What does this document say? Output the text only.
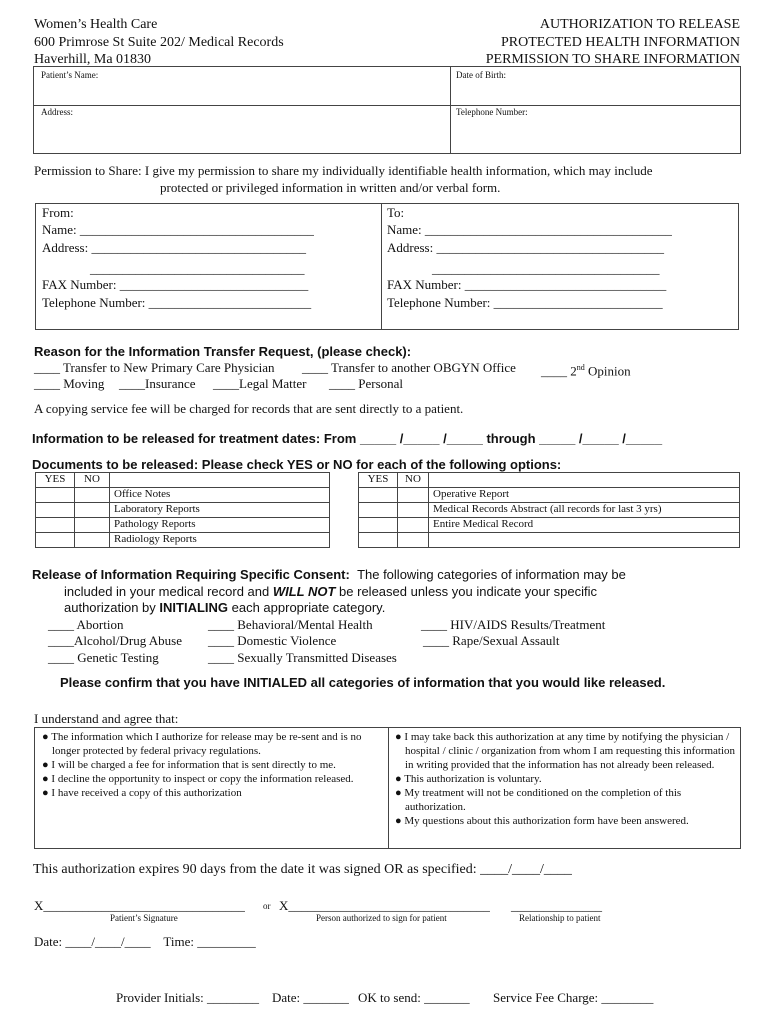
Women’s Health Care
600 Primrose St Suite 202/ Medical Records
Haverhill, Ma 01830
AUTHORIZATION TO RELEASE
PROTECTED HEALTH INFORMATION
PERMISSION TO SHARE INFORMATION
Patient’s Name:	Date of Birth:
Address:	Telephone Number:
Permission to Share: I give my permission to share my individually identifiable health information, which may include
protected or privileged information in written and/or verbal form.
From:
Name: ____________________________________
Address: _________________________________
_________________________________
FAX Number: _____________________________
Telephone Number: _________________________
To:
Name: ______________________________________
Address: ___________________________________
___________________________________
FAX Number: _______________________________
Telephone Number: __________________________
Reason for the Information Transfer Request, (please check):
____ Transfer to New Primary Care Physician ____ Transfer to another OBGYN Office ____ 2nd Opinion
____ Moving ____Insurance ____Legal Matter ____ Personal
A copying service fee will be charged for records that are sent directly to a patient.
Information to be released for treatment dates: From _____ /_____ /_____ through _____ /_____ /_____
Documents to be released: Please check YES or NO for each of the following options:
YES	NO	
		Office Notes
		Laboratory Reports
		Pathology Reports
		Radiology Reports
YES	NO	
		Operative Report
		Medical Records Abstract (all records for last 3 yrs)
		Entire Medical Record

Release of Information Requiring Specific Consent: The following categories of information may be
included in your medical record and WILL NOT be released unless you indicate your specific
authorization by INITIALING each appropriate category.
____ Abortion	____ Behavioral/Mental Health	____ HIV/AIDS Results/Treatment
____Alcohol/Drug Abuse ____ Domestic Violence	____ Rape/Sexual Assault
____ Genetic Testing	____ Sexually Transmitted Diseases
Please confirm that you have INITIALED all categories of information that you would like released.
I understand and agree that:
● The information which I authorize for release may be re-sent and is no longer protected by federal privacy regulations.
● I will be charged a fee for information that is sent directly to me.
● I decline the opportunity to inspect or copy the information released.
● I have received a copy of this authorization
● I may take back this authorization at any time by notifying the physician / hospital / clinic / organization from whom I am requesting this information in writing provided that the information has not already been released.
● This authorization is voluntary.
● My treatment will not be conditioned on the completion of this authorization.
● My questions about this authorization form have been answered.
This authorization expires 90 days from the date it was signed OR as specified: ____/____/____
X_______________________________ or X_______________________________ ______________
Patient’s Signature	Person authorized to sign for patient	Relationship to patient
Date: ____/____/____    Time: _________
Provider Initials: ________ Date: _______ OK to send: _______ Service Fee Charge: ________
